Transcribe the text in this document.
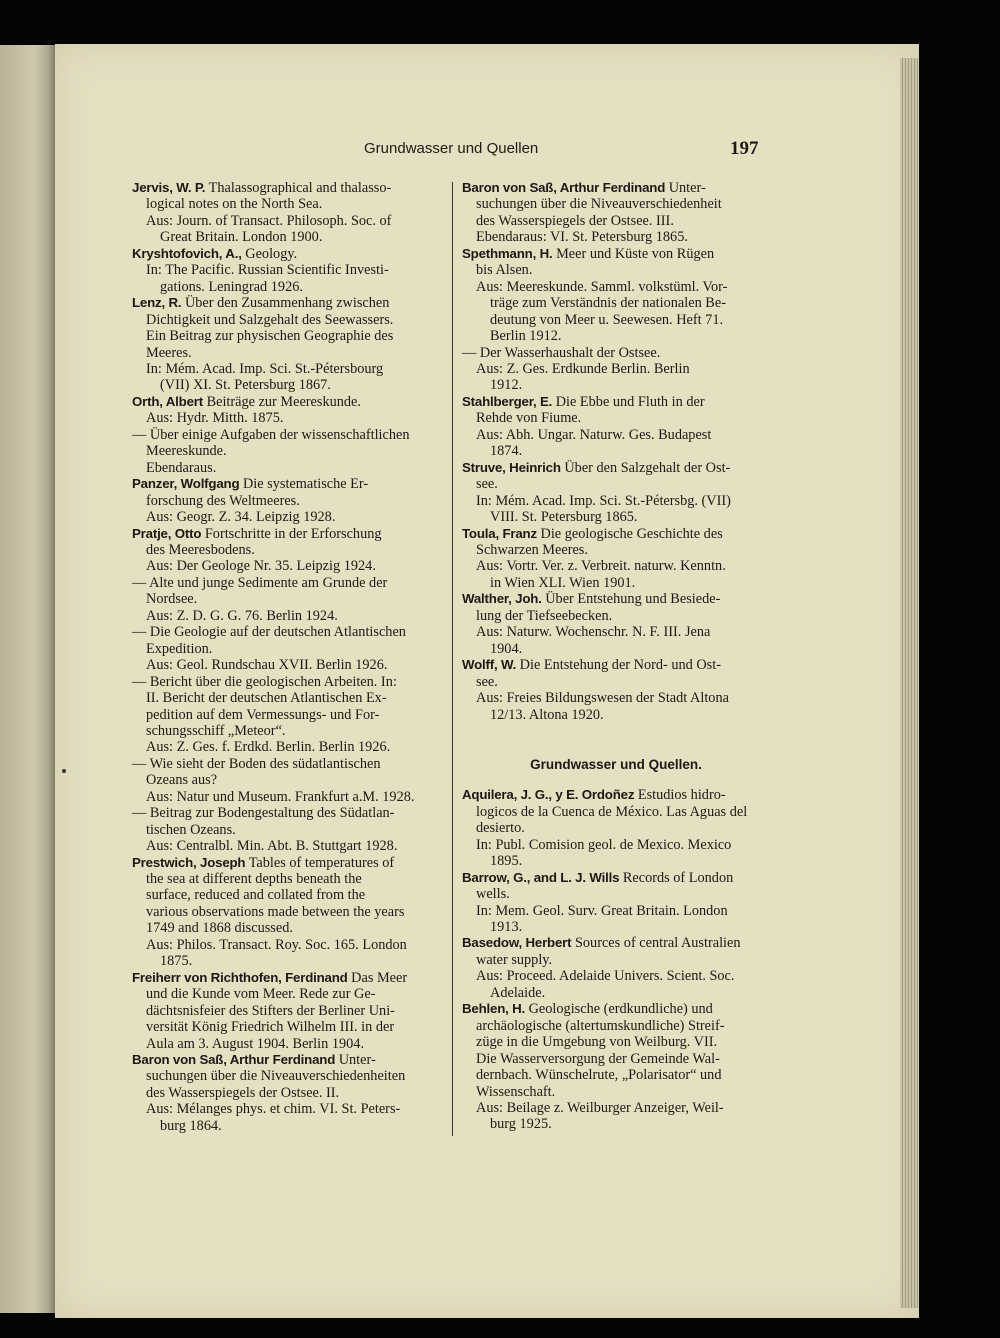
Grundwasser und Quellen	197
Jervis, W. P. Thalassographical and thalasso-
logical notes on the North Sea.
Aus: Journ. of Transact. Philosoph. Soc. of
Great Britain. London 1900.
Kryshtofovich, A., Geology.
In: The Pacific. Russian Scientific Investi-
gations. Leningrad 1926.
Lenz, R. Über den Zusammenhang zwischen
Dichtigkeit und Salzgehalt des Seewassers.
Ein Beitrag zur physischen Geographie des
Meeres.
In: Mém. Acad. Imp. Sci. St.-Pétersbourg
(VII) XI. St. Petersburg 1867.
Orth, Albert Beiträge zur Meereskunde.
Aus: Hydr. Mitth. 1875.
— Über einige Aufgaben der wissenschaftlichen
Meereskunde.
Ebendaraus.
Panzer, Wolfgang Die systematische Er-
forschung des Weltmeeres.
Aus: Geogr. Z. 34. Leipzig 1928.
Pratje, Otto Fortschritte in der Erforschung
des Meeresbodens.
Aus: Der Geologe Nr. 35. Leipzig 1924.
— Alte und junge Sedimente am Grunde der
Nordsee.
Aus: Z. D. G. G. 76. Berlin 1924.
— Die Geologie auf der deutschen Atlantischen
Expedition.
Aus: Geol. Rundschau XVII. Berlin 1926.
— Bericht über die geologischen Arbeiten. In:
II. Bericht der deutschen Atlantischen Ex-
pedition auf dem Vermessungs- und For-
schungsschiff „Meteor“.
Aus: Z. Ges. f. Erdkd. Berlin. Berlin 1926.
— Wie sieht der Boden des südatlantischen
Ozeans aus?
Aus: Natur und Museum. Frankfurt a.M. 1928.
— Beitrag zur Bodengestaltung des Südatlan-
tischen Ozeans.
Aus: Centralbl. Min. Abt. B. Stuttgart 1928.
Prestwich, Joseph Tables of temperatures of
the sea at different depths beneath the
surface, reduced and collated from the
various observations made between the years
1749 and 1868 discussed.
Aus: Philos. Transact. Roy. Soc. 165. London
1875.
Freiherr von Richthofen, Ferdinand Das Meer
und die Kunde vom Meer. Rede zur Ge-
dächtsnisfeier des Stifters der Berliner Uni-
versität König Friedrich Wilhelm III. in der
Aula am 3. August 1904. Berlin 1904.
Baron von Saß, Arthur Ferdinand Unter-
suchungen über die Niveauverschiedenheiten
des Wasserspiegels der Ostsee. II.
Aus: Mélanges phys. et chim. VI. St. Peters-
burg 1864.
Baron von Saß, Arthur Ferdinand Unter-
suchungen über die Niveauverschiedenheit
des Wasserspiegels der Ostsee. III.
Ebendaraus: VI. St. Petersburg 1865.
Spethmann, H. Meer und Küste von Rügen
bis Alsen.
Aus: Meereskunde. Samml. volkstüml. Vor-
träge zum Verständnis der nationalen Be-
deutung von Meer u. Seewesen. Heft 71.
Berlin 1912.
— Der Wasserhaushalt der Ostsee.
Aus: Z. Ges. Erdkunde Berlin. Berlin
1912.
Stahlberger, E. Die Ebbe und Fluth in der
Rehde von Fiume.
Aus: Abh. Ungar. Naturw. Ges. Budapest
1874.
Struve, Heinrich Über den Salzgehalt der Ost-
see.
In: Mém. Acad. Imp. Sci. St.-Pétersbg. (VII)
VIII. St. Petersburg 1865.
Toula, Franz Die geologische Geschichte des
Schwarzen Meeres.
Aus: Vortr. Ver. z. Verbreit. naturw. Kenntn.
in Wien XLI. Wien 1901.
Walther, Joh. Über Entstehung und Besiede-
lung der Tiefseebecken.
Aus: Naturw. Wochenschr. N. F. III. Jena
1904.
Wolff, W. Die Entstehung der Nord- und Ost-
see.
Aus: Freies Bildungswesen der Stadt Altona
12/13. Altona 1920.
Grundwasser und Quellen.
Aquilera, J. G., y E. Ordoñez Estudios hidro-
logicos de la Cuenca de México. Las Aguas del
desierto.
In: Publ. Comision geol. de Mexico. Mexico
1895.
Barrow, G., and L. J. Wills Records of London
wells.
In: Mem. Geol. Surv. Great Britain. London
1913.
Basedow, Herbert Sources of central Australien
water supply.
Aus: Proceed. Adelaide Univers. Scient. Soc.
Adelaide.
Behlen, H. Geologische (erdkundliche) und
archäologische (altertumskundliche) Streif-
züge in die Umgebung von Weilburg. VII.
Die Wasserversorgung der Gemeinde Wal-
dernbach. Wünschelrute, „Polarisator“ und
Wissenschaft.
Aus: Beilage z. Weilburger Anzeiger, Weil-
burg 1925.
